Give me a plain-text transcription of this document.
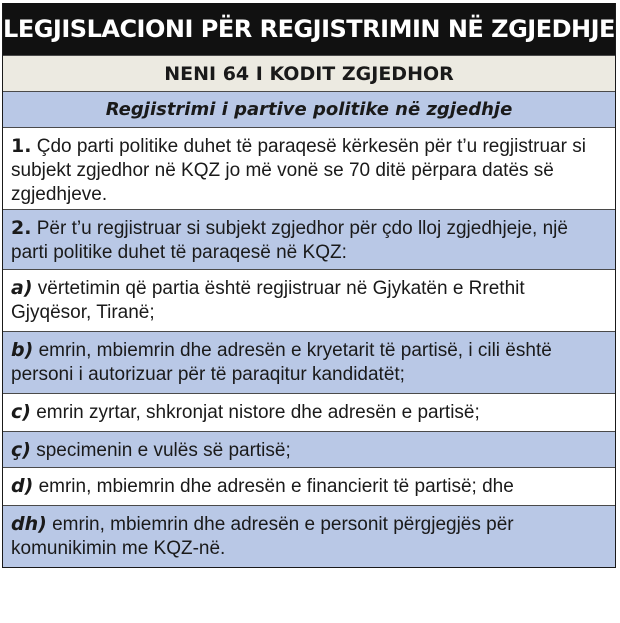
LEGJISLACIONI PËR REGJISTRIMIN NË ZGJEDHJE
NENI 64 I KODIT ZGJEDHOR
Regjistrimi i partive politike në zgjedhje
1. Çdo parti politike duhet të paraqesë kërkesën për t’u regjistruar si subjekt zgjedhor në KQZ jo më vonë se 70 ditë përpara datës së zgjedhjeve.
2. Për t’u regjistruar si subjekt zgjedhor për çdo lloj zgjedhjeje, një parti politike duhet të paraqesë në KQZ:
a) vërtetimin që partia është regjistruar në Gjykatën e Rrethit Gjyqësor, Tiranë;
b) emrin, mbiemrin dhe adresën e kryetarit të partisë, i cili është personi i autorizuar për të paraqitur kandidatët;
c) emrin zyrtar, shkronjat nistore dhe adresën e partisë;
ç) specimenin e vulës së partisë;
d) emrin, mbiemrin dhe adresën e financierit të partisë; dhe
dh) emrin, mbiemrin dhe adresën e personit përgjegjës për komunikimin me KQZ-në.
